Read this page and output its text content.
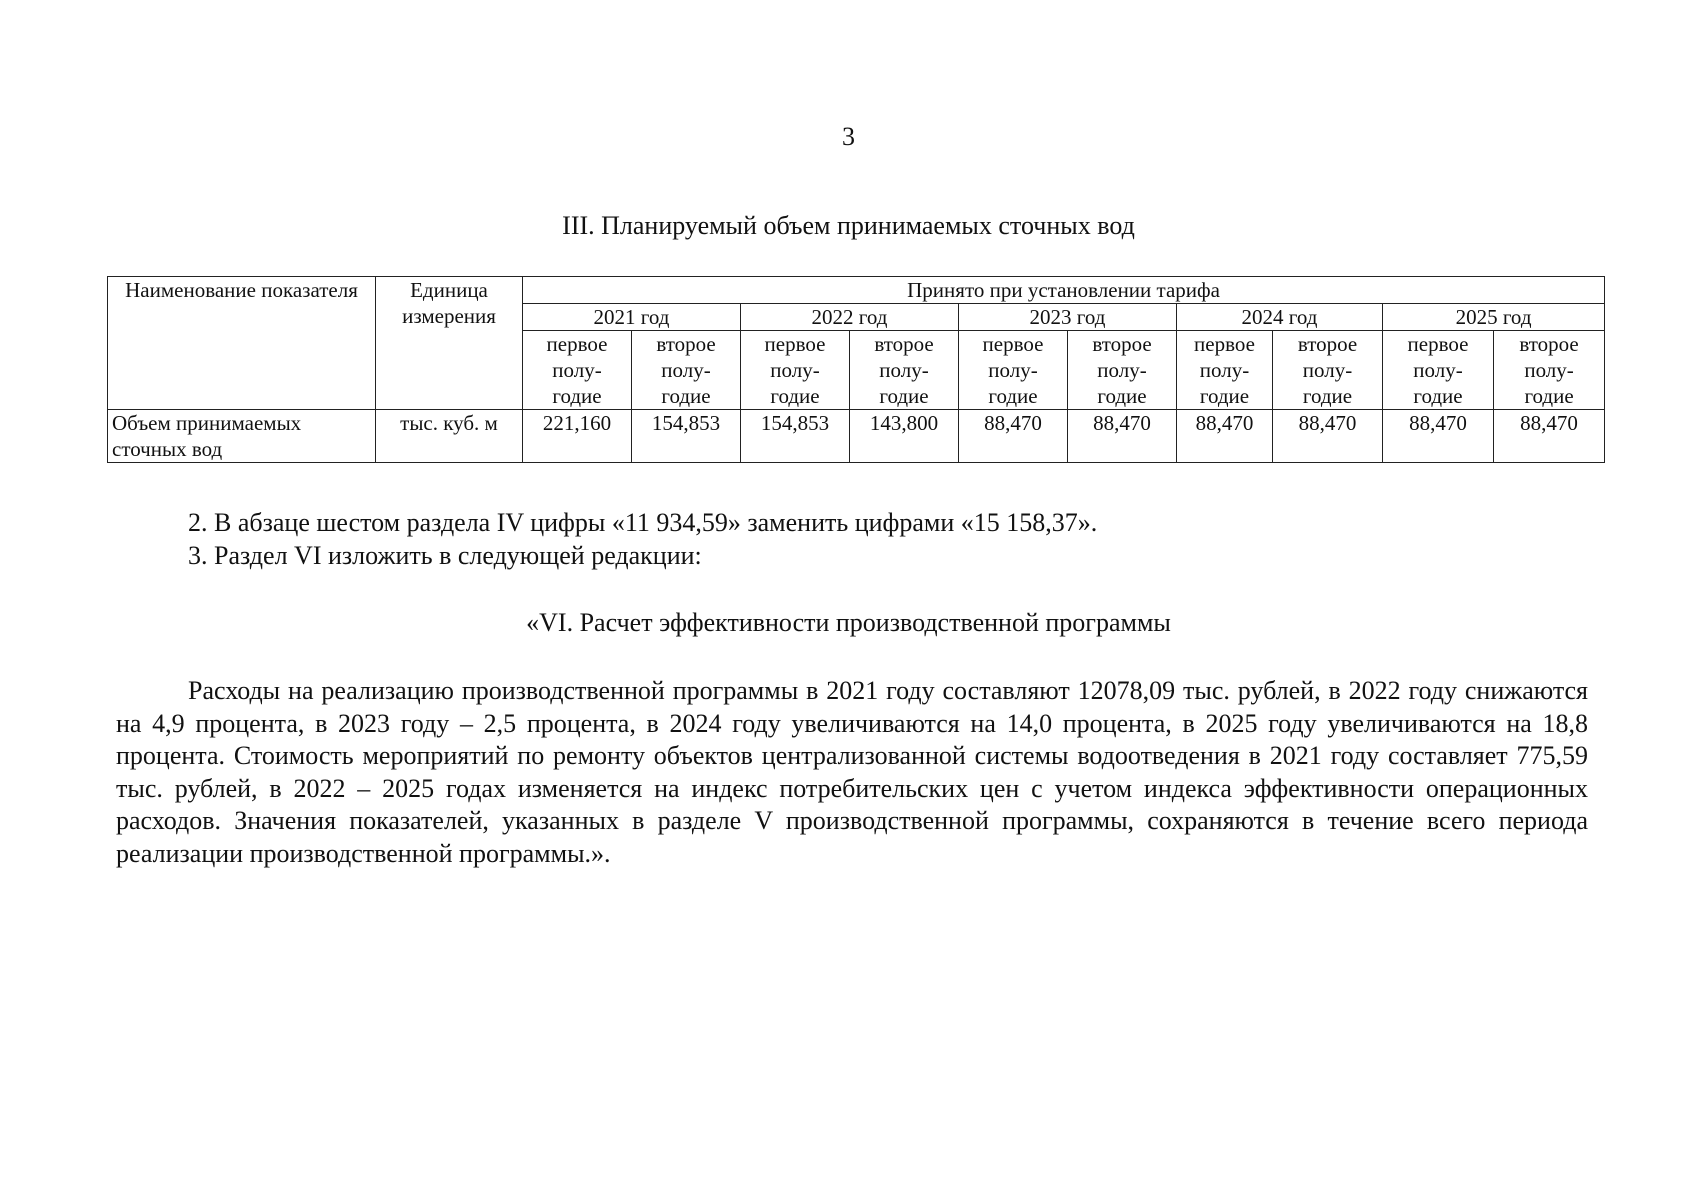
3
III. Планируемый объем принимаемых сточных вод
Наименование показателя	Единица измерения	Принято при установлении тарифа									
		2021 год		2022 год		2023 год		2024 год		2025 год	
		первое
полу-
годие	второе
полу-
годие	первое
полу-
годие	второе
полу-
годие	первое
полу-
годие	второе
полу-
годие	первое
полу-
годие	второе
полу-
годие	первое
полу-
годие	второе
полу-
годие
Объем принимаемых сточных вод	тыс. куб. м	221,160	154,853	154,853	143,800	88,470	88,470	88,470	88,470	88,470	88,470
2. В абзаце шестом раздела IV цифры «11 934,59» заменить цифрами «15 158,37».
3. Раздел VI изложить в следующей редакции:
«VI. Расчет эффективности производственной программы

Расходы на реализацию производственной программы в 2021 году составляют 12078,09 тыс. рублей, в 2022 году снижаются на 4,9 процента, в 2023 году – 2,5 процента, в 2024 году увеличиваются на 14,0 процента, в 2025 году увеличиваются на 18,8 процента. Стоимость мероприятий по ремонту объектов централизованной системы водоотведения в 2021 году составляет 775,59 тыс. рублей, в 2022 – 2025 годах изменяется на индекс потребительских цен с учетом индекса эффективности операционных расходов. Значения показателей, указанных в разделе V производственной программы, сохраняются в течение всего периода реализации производственной программы.».
